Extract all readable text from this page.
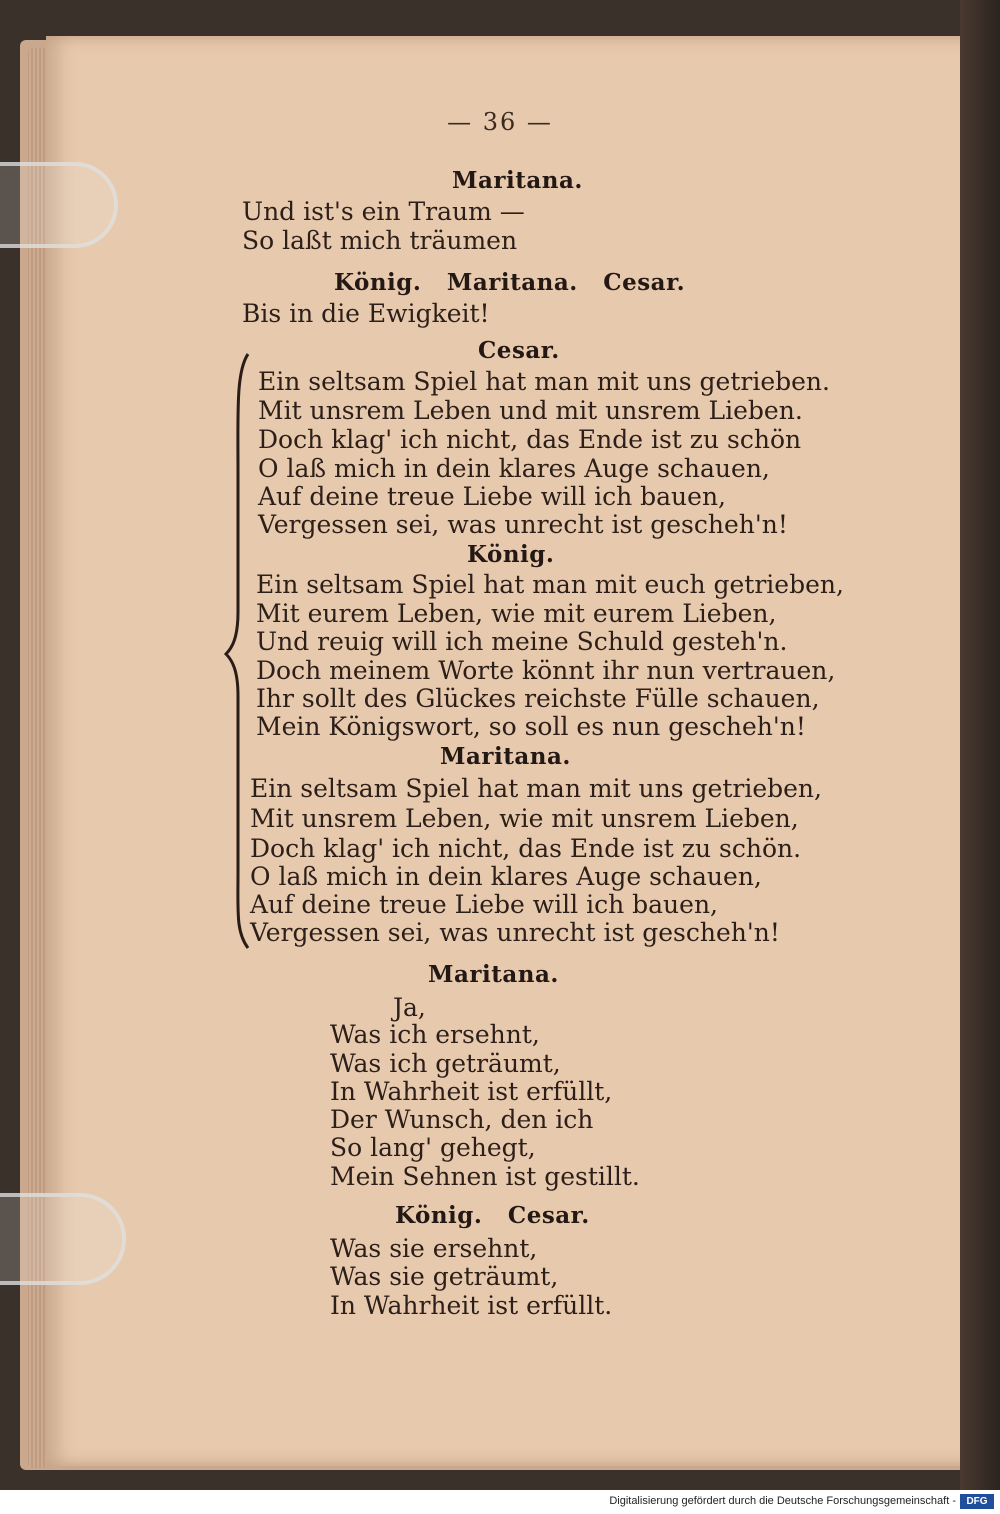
— 36 —
Maritana.
Und ist's ein Traum —
So laßt mich träumen
König.   Maritana.   Cesar.
Bis in die Ewigkeit!
Cesar.
Ein seltsam Spiel hat man mit uns getrieben.
Mit unsrem Leben und mit unsrem Lieben.
Doch klag' ich nicht, das Ende ist zu schön
O laß mich in dein klares Auge schauen,
Auf deine treue Liebe will ich bauen,
Vergessen sei, was unrecht ist gescheh'n!
König.
Ein seltsam Spiel hat man mit euch getrieben,
Mit eurem Leben, wie mit eurem Lieben,
Und reuig will ich meine Schuld gesteh'n.
Doch meinem Worte könnt ihr nun vertrauen,
Ihr sollt des Glückes reichste Fülle schauen,
Mein Königswort, so soll es nun gescheh'n!
Maritana.
Ein seltsam Spiel hat man mit uns getrieben,
Mit unsrem Leben, wie mit unsrem Lieben,
Doch klag' ich nicht, das Ende ist zu schön.
O laß mich in dein klares Auge schauen,
Auf deine treue Liebe will ich bauen,
Vergessen sei, was unrecht ist gescheh'n!
Maritana.
Ja,
Was ich ersehnt,
Was ich geträumt,
In Wahrheit ist erfüllt,
Der Wunsch, den ich
So lang' gehegt,
Mein Sehnen ist gestillt.
König.   Cesar.
Was sie ersehnt,
Was sie geträumt,
In Wahrheit ist erfüllt.
Digitalisierung gefördert durch die Deutsche Forschungsgemeinschaft -	DFG
